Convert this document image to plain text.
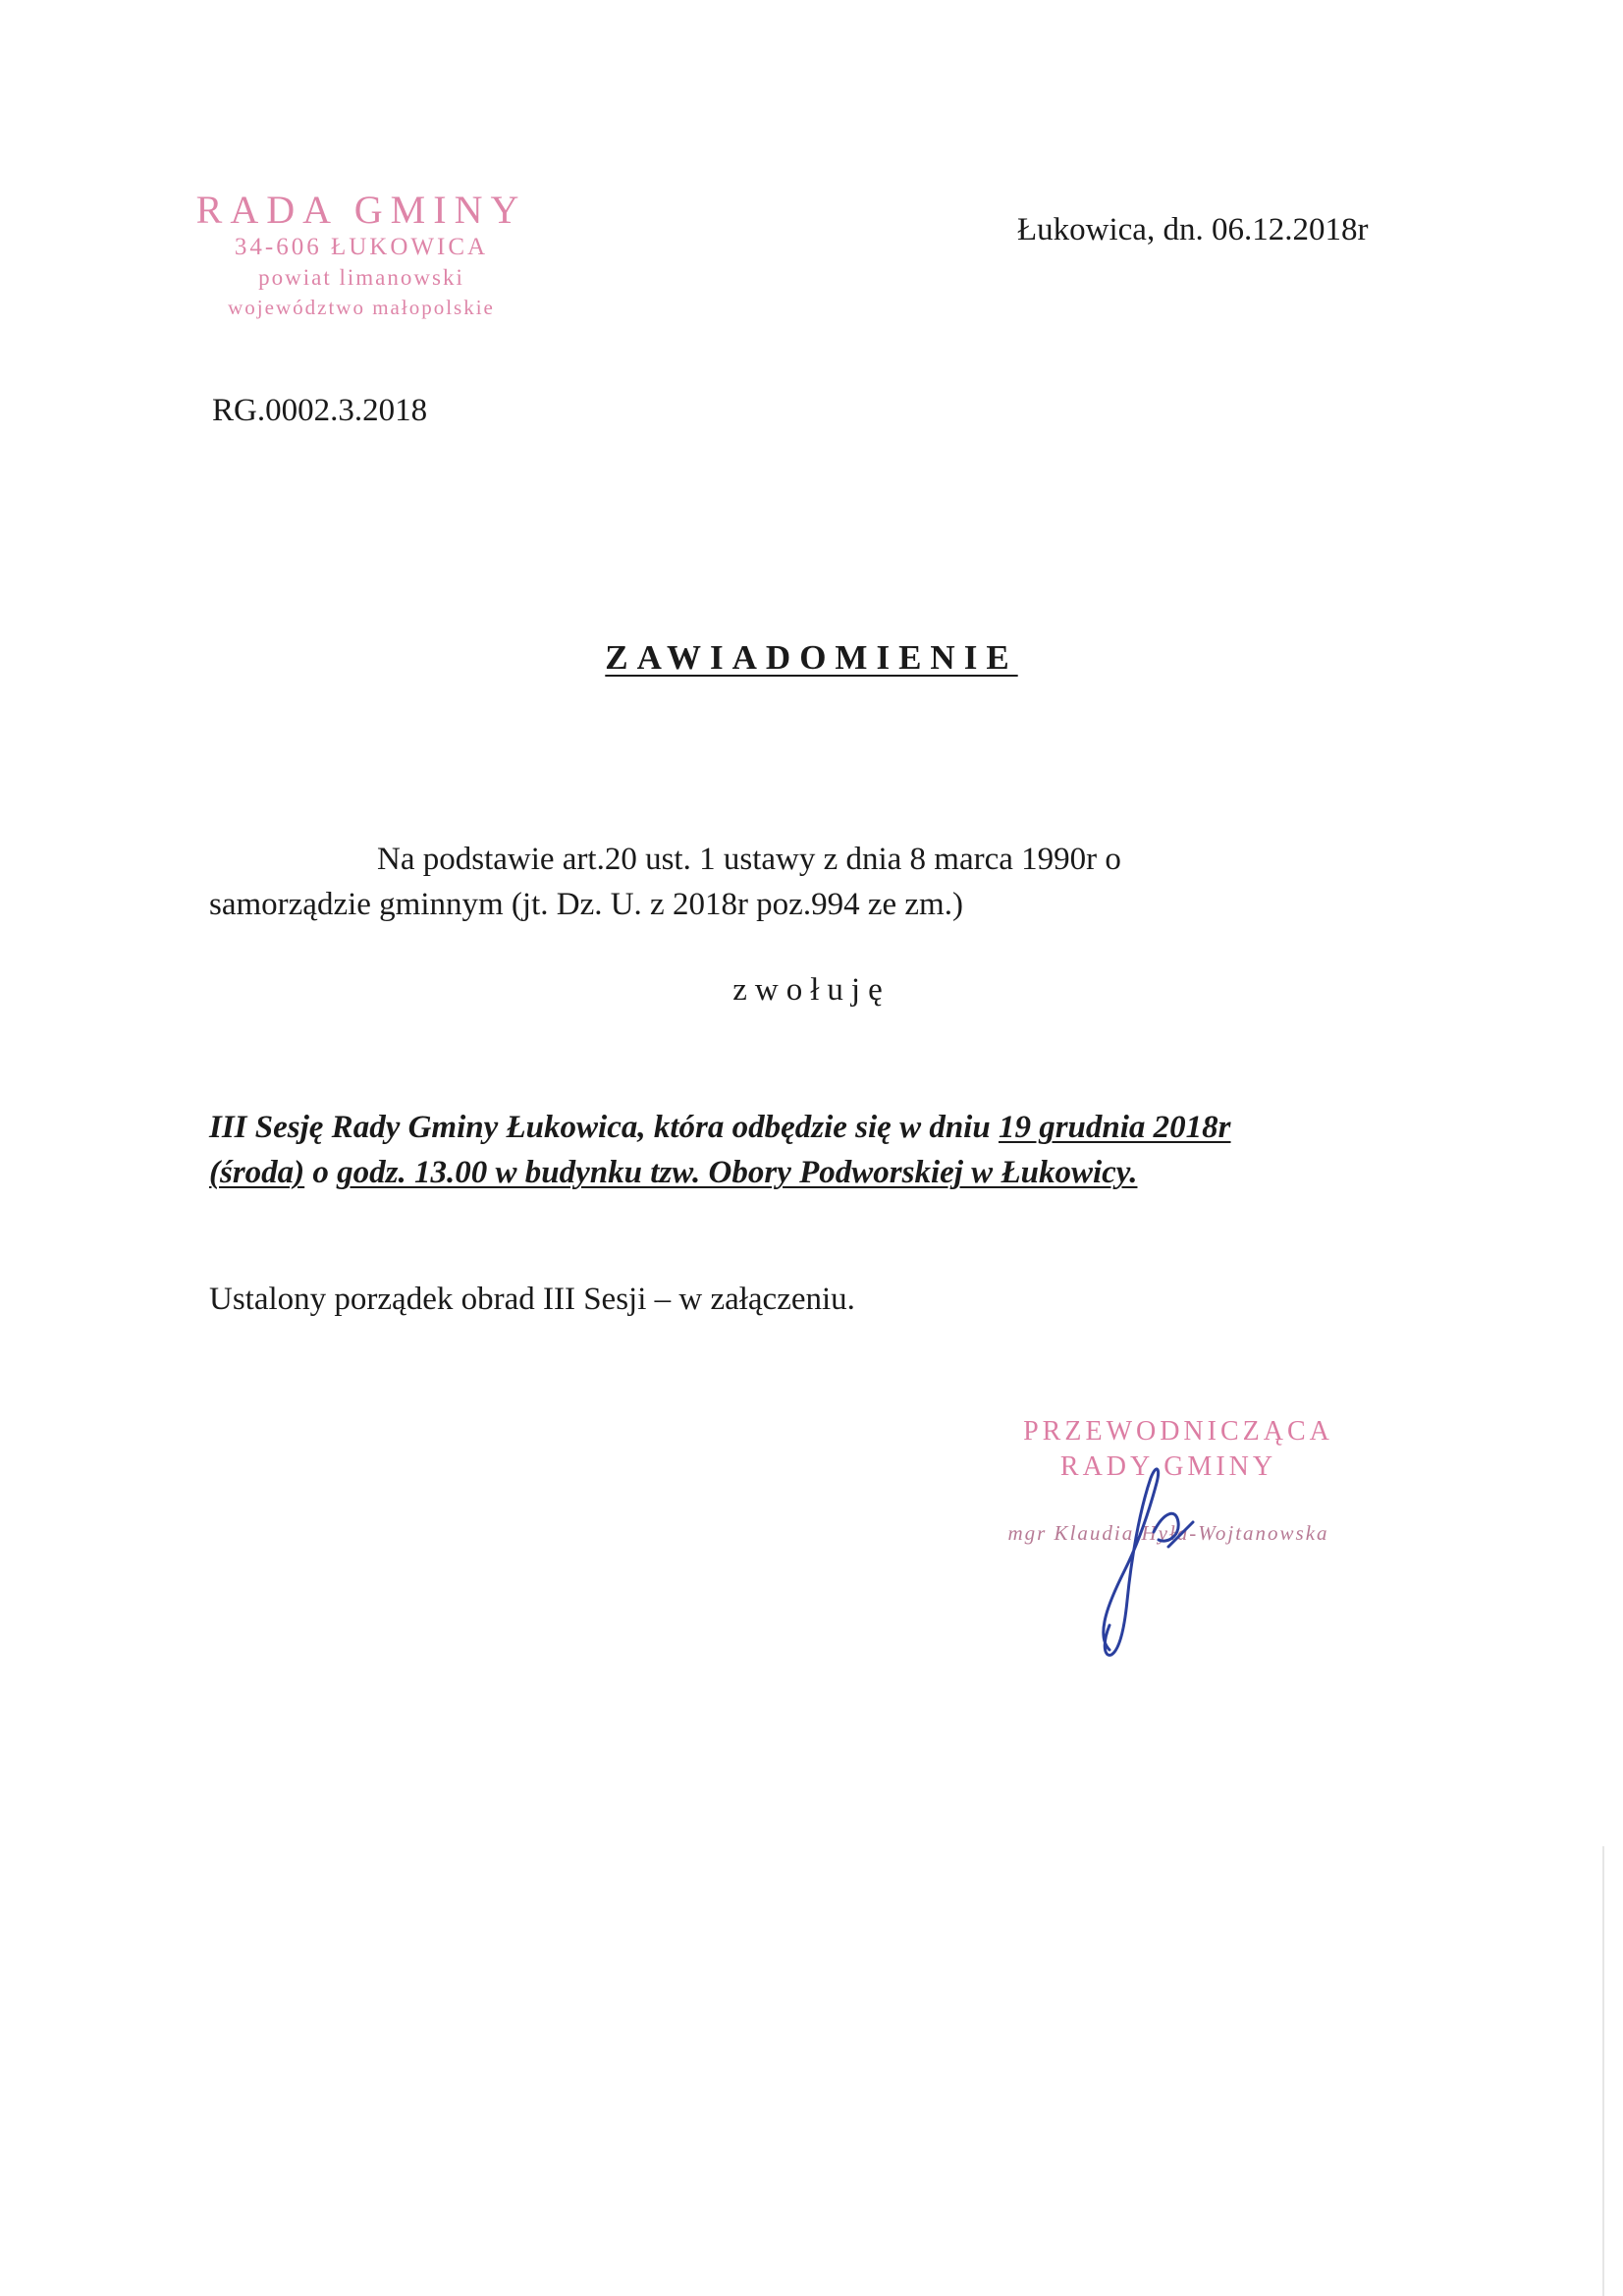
RADA GMINY
34-606 ŁUKOWICA
powiat limanowski
województwo małopolskie
Łukowica, dn. 06.12.2018r
RG.0002.3.2018
ZAWIADOMIENIE
Na podstawie art.20 ust. 1 ustawy z dnia 8 marca 1990r o
samorządzie gminnym (jt. Dz. U. z 2018r poz.994 ze zm.)
zwołuję
III Sesję Rady Gminy Łukowica, która odbędzie się w dniu 19 grudnia 2018r
(środa) o godz. 13.00 w budynku tzw. Obory Podworskiej w Łukowicy.
Ustalony porządek obrad III Sesji – w załączeniu.
PRZEWODNICZĄCA
RADY GMINY
mgr Klaudia Hyła-Wojtanowska
